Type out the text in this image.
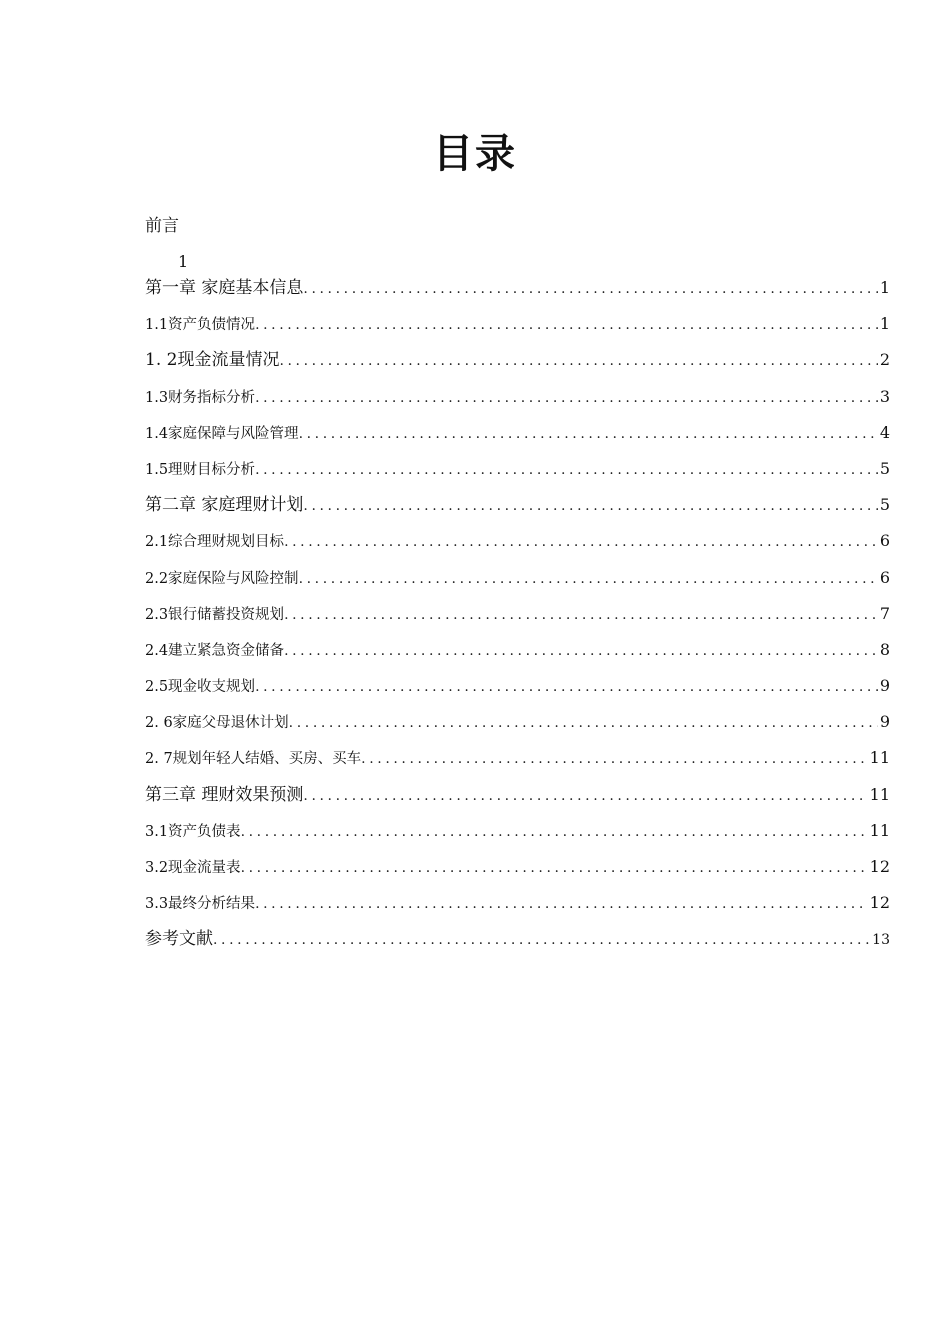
目录
前言
1
第一章 家庭基本信息 .....	1
1.1资产负债情况 .....	1
1. 2现金流量情况 .....	2
1.3财务指标分析 .....	3
1.4家庭保障与风险管理 .....	4
1.5理财目标分析 .....	5
第二章 家庭理财计划 .....	5
2.1综合理财规划目标 .....	6
2.2家庭保险与风险控制 .....	6
2.3银行储蓄投资规划 .....	7
2.4建立紧急资金储备 .....	8
2.5现金收支规划 .....	9
2. 6家庭父母退休计划 .....	9
2. 7规划年轻人结婚、买房、买车 .....	11
第三章 理财效果预测 .....	11
3.1资产负债表 .....	11
3.2现金流量表 .....	12
3.3最终分析结果 .....	12
参考文献 .....	13
